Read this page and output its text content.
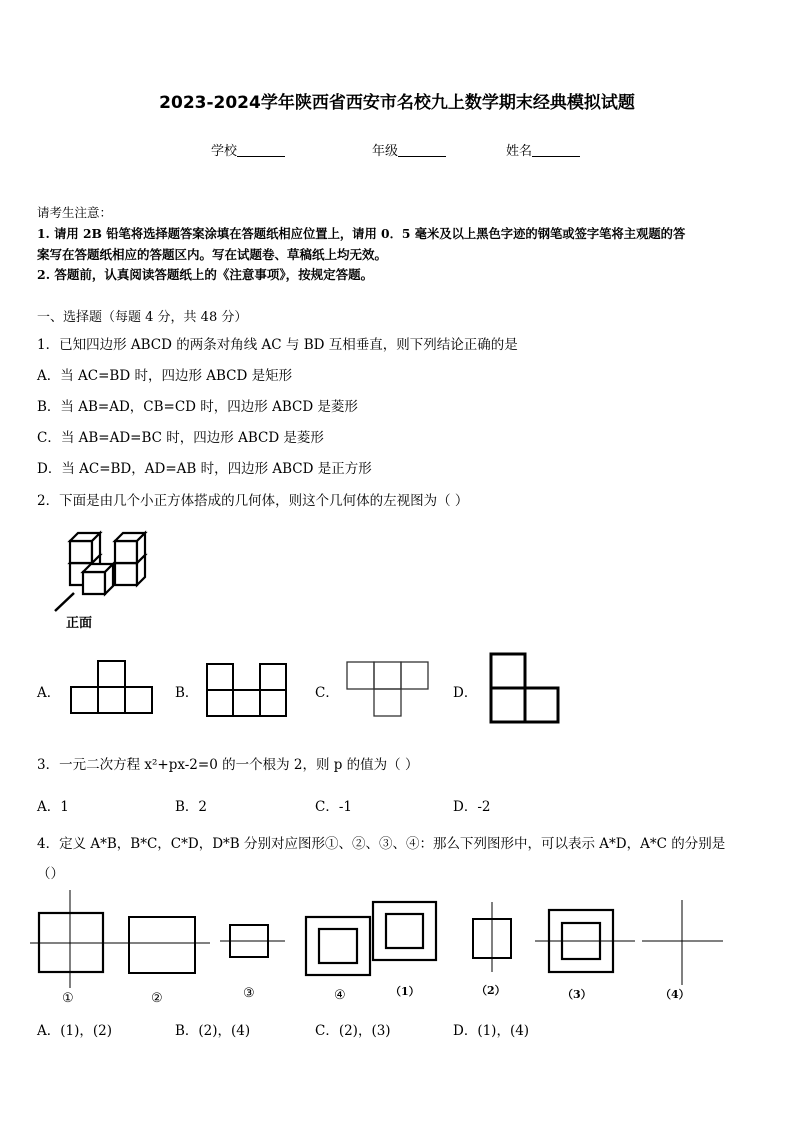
2023-2024学年陕西省西安市名校九上数学期末经典模拟试题
学校	年级	姓名
请考生注意：
1. 请用 2B 铅笔将选择题答案涂填在答题纸相应位置上，请用 0．5 毫米及以上黑色字迹的钢笔或签字笔将主观题的答
案写在答题纸相应的答题区内。写在试题卷、草稿纸上均无效。
2. 答题前，认真阅读答题纸上的《注意事项》，按规定答题。
一、选择题（每题 4 分，共 48 分）
1．已知四边形 ABCD 的两条对角线 AC 与 BD 互相垂直，则下列结论正确的是
A．当 AC=BD 时，四边形 ABCD 是矩形
B．当 AB=AD，CB=CD 时，四边形 ABCD 是菱形
C．当 AB=AD=BC 时，四边形 ABCD 是菱形
D．当 AC=BD，AD=AB 时，四边形 ABCD 是正方形
2．下面是由几个小正方体搭成的几何体，则这个几何体的左视图为（ ）
正面
A．	B．	C．	D．
3．一元二次方程 x²+px-2=0 的一个根为 2，则 p 的值为（ ）
A．1	B．2	C．-1	D．-2
4．定义 A*B，B*C，C*D，D*B 分别对应图形①、②、③、④：那么下列图形中，可以表示 A*D，A*C 的分别是
（）
①	②	③	④	（1）	（2）	（3）	（4）
A．(1)，(2)	B．(2)，(4)	C．(2)，(3)	D．(1)，(4)
